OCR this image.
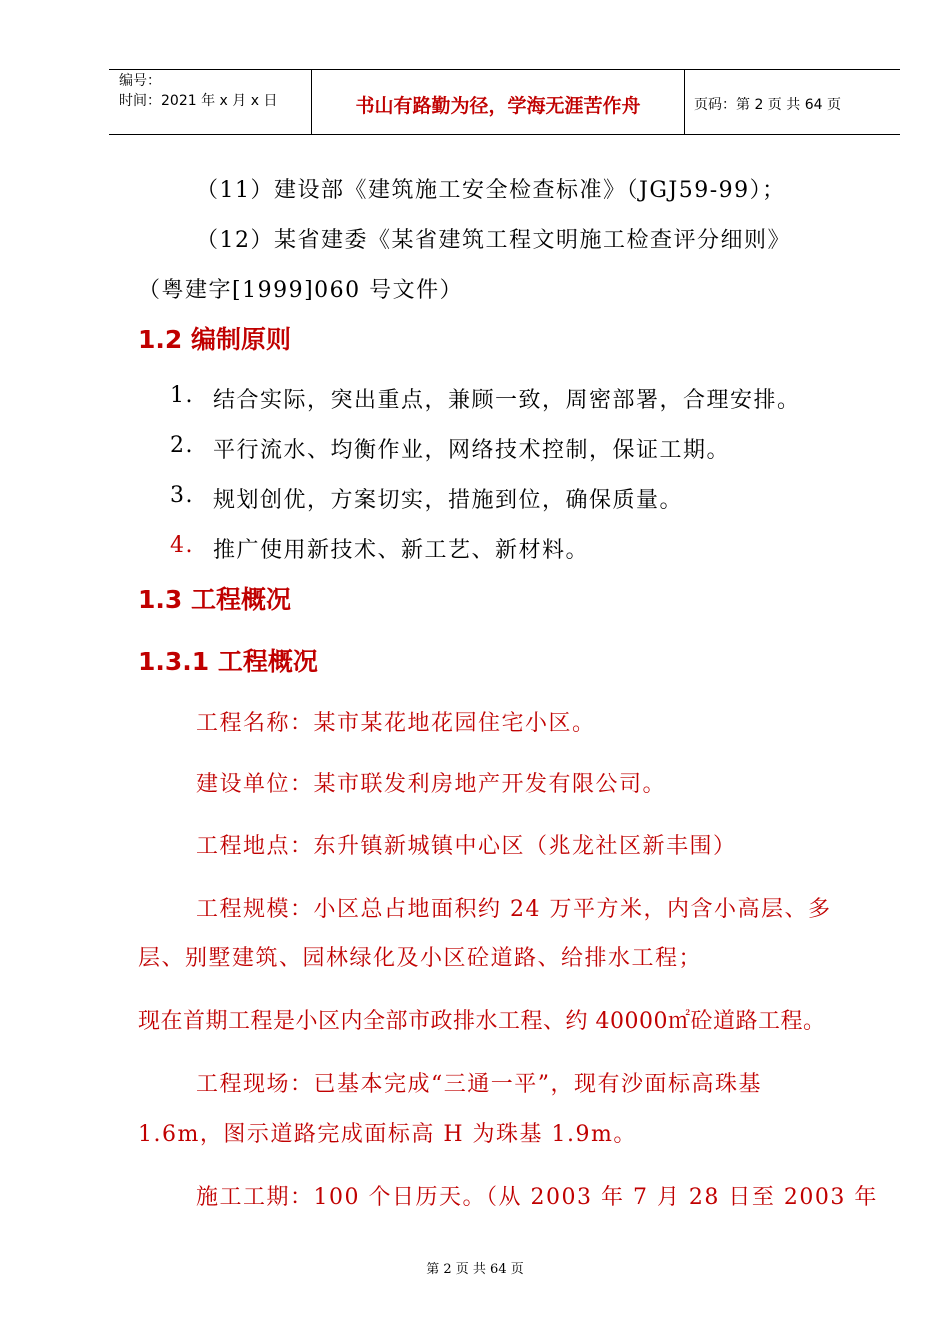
编号：
时间：2021 年 x 月 x 日	书山有路勤为径，学海无涯苦作舟	页码：第 2 页 共 64 页
（11）建设部《建筑施工安全检查标准》（JGJ59-99）；
（12）某省建委《某省建筑工程文明施工检查评分细则》
（粤建字[1999]060 号文件）
1.2 编制原则
1. 结合实际，突出重点，兼顾一致，周密部署，合理安排。
2. 平行流水、均衡作业，网络技术控制，保证工期。
3. 规划创优，方案切实，措施到位，确保质量。
4. 推广使用新技术、新工艺、新材料。
1.3 工程概况
1.3.1 工程概况
工程名称：某市某花地花园住宅小区。
建设单位：某市联发利房地产开发有限公司。
工程地点：东升镇新城镇中心区（兆龙社区新丰围）
工程规模：小区总占地面积约 24 万平方米，内含小高层、多
层、别墅建筑、园林绿化及小区砼道路、给排水工程；
现在首期工程是小区内全部市政排水工程、约 40000㎡砼道路工程。
工程现场：已基本完成“三通一平”，现有沙面标高珠基
1.6m，图示道路完成面标高 H 为珠基 1.9m。
施工工期：100 个日历天。（从 2003 年 7 月 28 日至 2003 年
第 2 页 共 64 页
